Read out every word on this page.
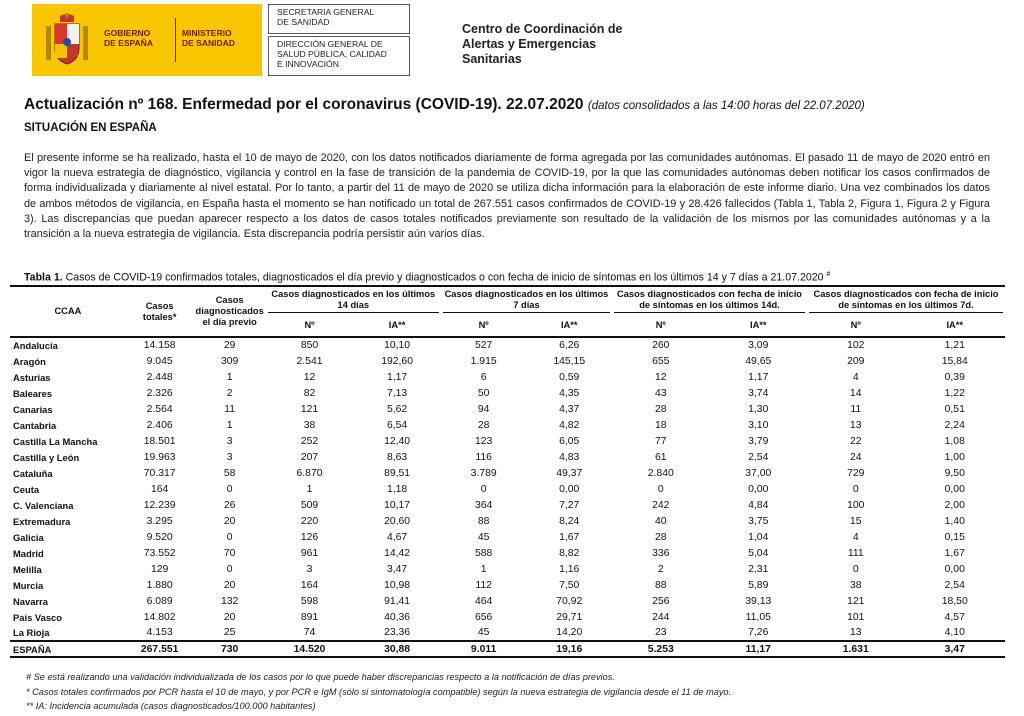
GOBIERNO
DE ESPAÑA
MINISTERIO
DE SANIDAD
SECRETARIA GENERAL
DE SANIDAD
DIRECCIÓN GENERAL DE
SALUD PÚBLICA, CALIDAD
E INNOVACIÓN
Centro de Coordinación de
Alertas y Emergencias
Sanitarias
Actualización nº 168. Enfermedad por el coronavirus (COVID-19). 22.07.2020 (datos consolidados a las 14:00 horas del 22.07.2020)
SITUACIÓN EN ESPAÑA

El presente informe se ha realizado, hasta el 10 de mayo de 2020, con los datos notificados diariamente de forma agregada por las comunidades autónomas. El pasado 11 de mayo de 2020 entró en vigor la nueva estrategia de diagnóstico, vigilancia y control en la fase de transición de la pandemia de COVID-19, por la que las comunidades autónomas deben notificar los casos confirmados de forma individualizada y diariamente al nivel estatal. Por lo tanto, a partir del 11 de mayo de 2020 se utiliza dicha información para la elaboración de este informe diario. Una vez combinados los datos de ambos métodos de vigilancia, en España hasta el momento se han notificado un total de 267.551 casos confirmados de COVID-19 y 28.426 fallecidos (Tabla 1, Tabla 2, Figura 1, Figura 2 y Figura 3). Las discrepancias que puedan aparecer respecto a los datos de casos totales notificados previamente son resultado de la validación de los mismos por las comunidades autónomas y a la transición a la nueva estrategia de vigilancia. Esta discrepancia podría persistir aún varios días.

Tabla 1. Casos de COVID-19 confirmados totales, diagnosticados el día previo y diagnosticados o con fecha de inicio de síntomas en los últimos 14 y 7 días a 21.07.2020 #
CCAA	Casos totales*	Casos diagnosticados el día previo	Casos diagnosticados en los últimos 14 días		Casos diagnosticados en los últimos 7 días		Casos diagnosticados con fecha de inicio de síntomas en los últimos 14d.		Casos diagnosticados con fecha de inicio de síntomas en los últimos 7d.	
			Nº	IA**	Nº	IA**	Nº	IA**	Nº	IA**
Andalucía	14.158	29	850	10,10	527	6,26	260	3,09	102	1,21
Aragón	9.045	309	2.541	192,60	1.915	145,15	655	49,65	209	15,84
Asturias	2.448	1	12	1,17	6	0,59	12	1,17	4	0,39
Baleares	2.326	2	82	7,13	50	4,35	43	3,74	14	1,22
Canarias	2.564	11	121	5,62	94	4,37	28	1,30	11	0,51
Cantabria	2.406	1	38	6,54	28	4,82	18	3,10	13	2,24
Castilla La Mancha	18.501	3	252	12,40	123	6,05	77	3,79	22	1,08
Castilla y León	19.963	3	207	8,63	116	4,83	61	2,54	24	1,00
Cataluña	70.317	58	6.870	89,51	3.789	49,37	2.840	37,00	729	9,50
Ceuta	164	0	1	1,18	0	0,00	0	0,00	0	0,00
C. Valenciana	12.239	26	509	10,17	364	7,27	242	4,84	100	2,00
Extremadura	3.295	20	220	20,60	88	8,24	40	3,75	15	1,40
Galicia	9.520	0	126	4,67	45	1,67	28	1,04	4	0,15
Madrid	73.552	70	961	14,42	588	8,82	336	5,04	111	1,67
Melilla	129	0	3	3,47	1	1,16	2	2,31	0	0,00
Murcia	1.880	20	164	10,98	112	7,50	88	5,89	38	2,54
Navarra	6.089	132	598	91,41	464	70,92	256	39,13	121	18,50
País Vasco	14.802	20	891	40,36	656	29,71	244	11,05	101	4,57
La Rioja	4.153	25	74	23,36	45	14,20	23	7,26	13	4,10
ESPAÑA	267.551	730	14.520	30,88	9.011	19,16	5.253	11,17	1.631	3,47
# Se está realizando una validación individualizada de los casos por lo que puede haber discrepancias respecto a la notificación de días previos.
* Casos totales confirmados por PCR hasta el 10 de mayo, y por PCR e IgM (sólo si sintomatología compatible) según la nueva estrategia de vigilancia desde el 11 de mayo.
** IA: Incidencia acumulada (casos diagnosticados/100.000 habitantes)
